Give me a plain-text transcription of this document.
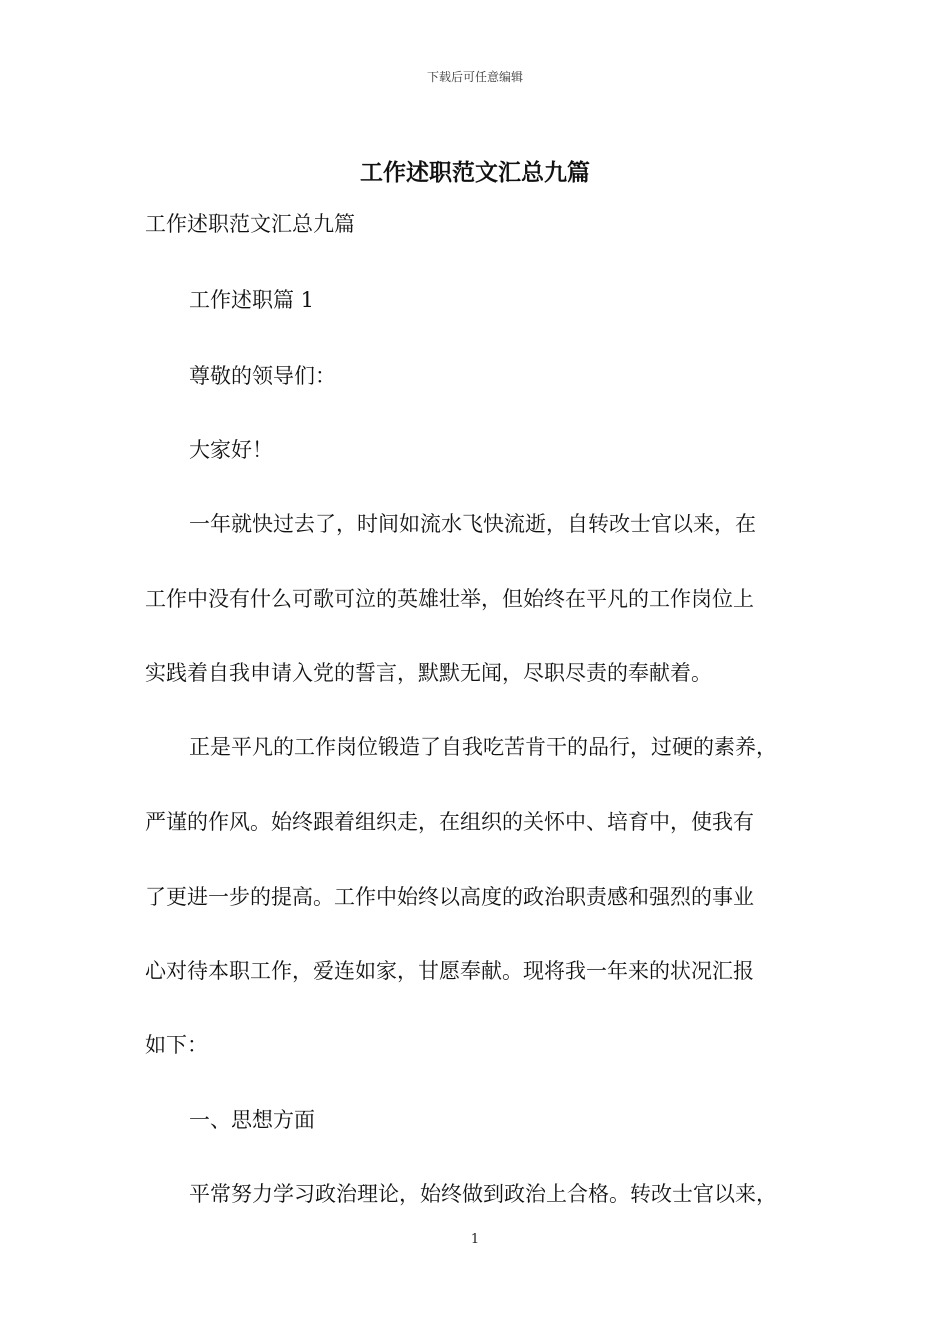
下载后可任意编辑
工作述职范文汇总九篇

工作述职范文汇总九篇

工作述职篇 1

尊敬的领导们：

大家好！

一年就快过去了，时间如流水飞快流逝，自转改士官以来，在

工作中没有什么可歌可泣的英雄壮举，但始终在平凡的工作岗位上

实践着自我申请入党的誓言，默默无闻，尽职尽责的奉献着。

正是平凡的工作岗位锻造了自我吃苦肯干的品行，过硬的素养，

严谨的作风。始终跟着组织走，在组织的关怀中、培育中，使我有

了更进一步的提高。工作中始终以高度的政治职责感和强烈的事业

心对待本职工作，爱连如家，甘愿奉献。现将我一年来的状况汇报

如下：

一、思想方面

平常努力学习政治理论，始终做到政治上合格。转改士官以来，

1
